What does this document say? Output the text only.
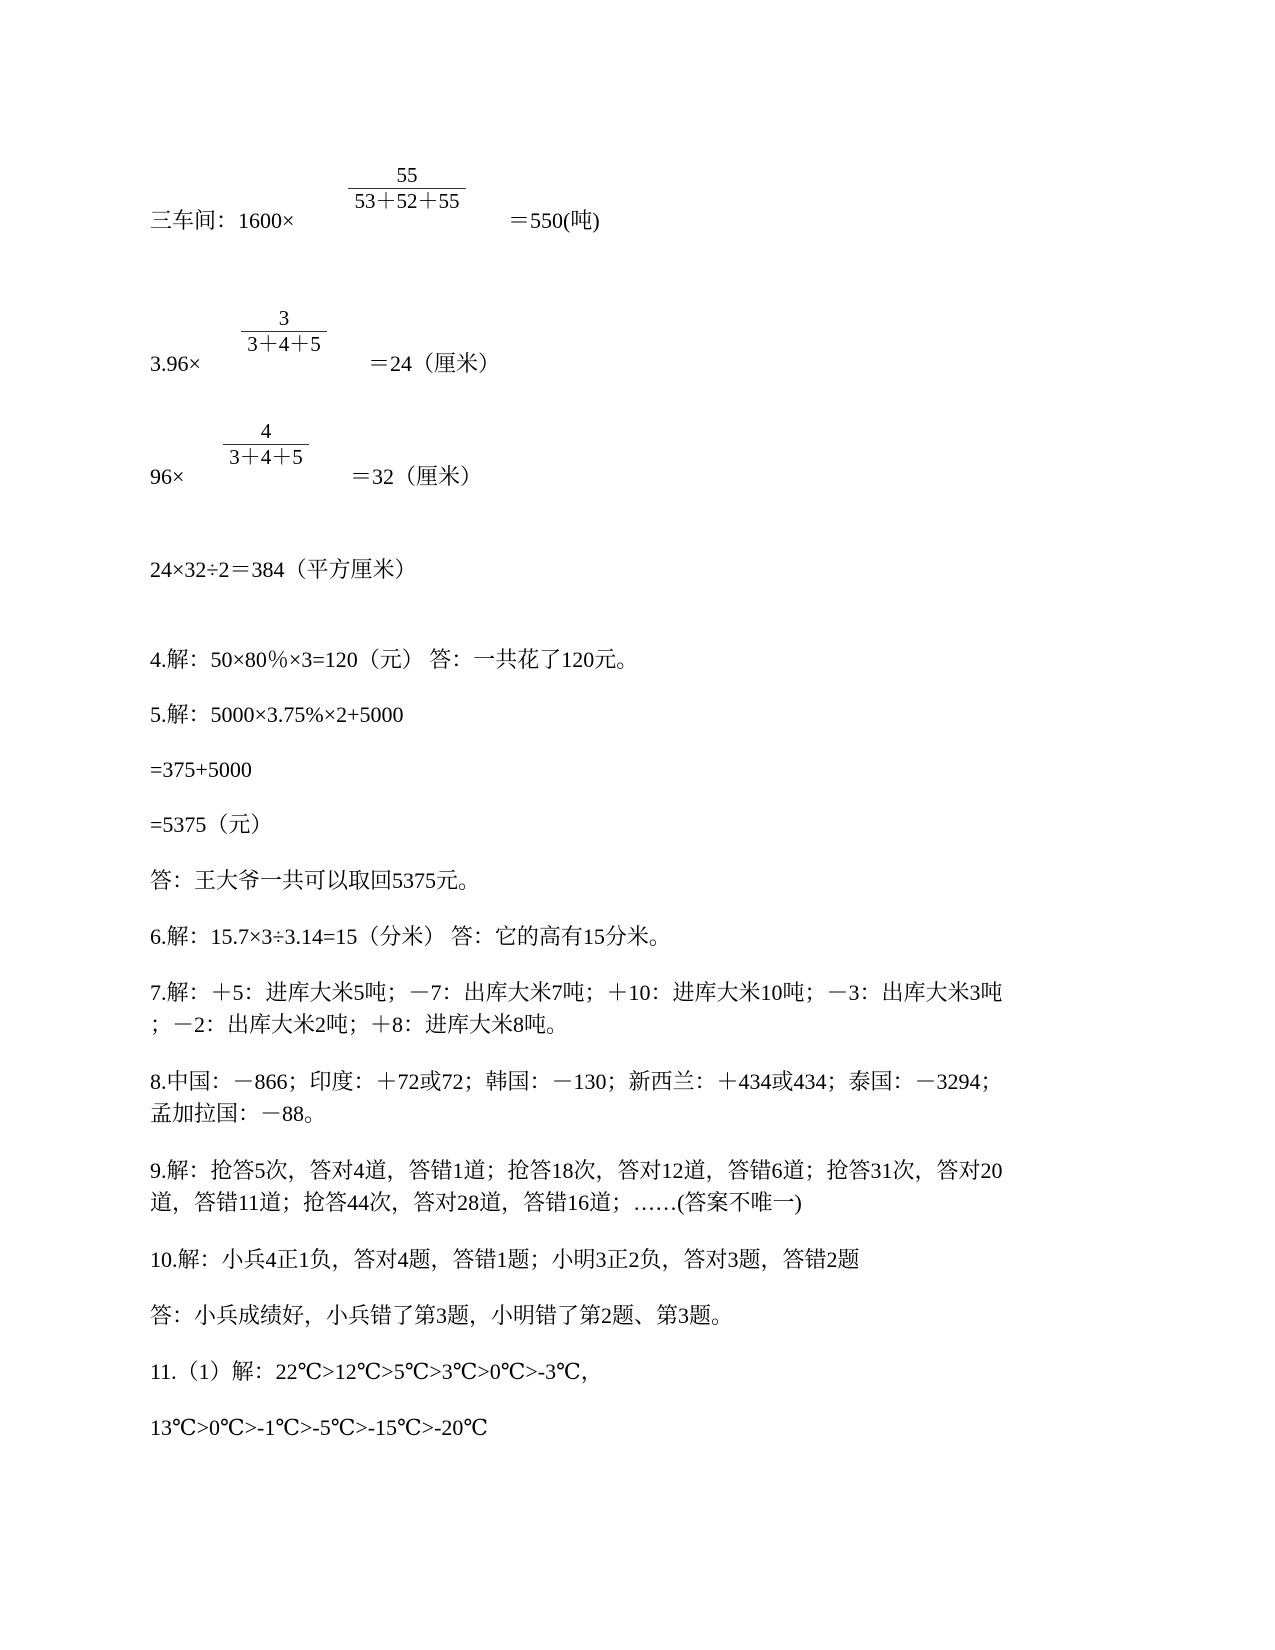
三车间：1600×
55
53＋52＋55
＝550(吨)
3.96×
3
3＋4＋5
＝24（厘米）
96×
4
3＋4＋5
＝32（厘米）
24×32÷2＝384（平方厘米）
4.解：50×80％×3=120（元） 答：一共花了120元。
5.解：5000×3.75%×2+5000
=375+5000
=5375（元）
答：王大爷一共可以取回5375元。
6.解：15.7×3÷3.14=15（分米） 答：它的高有15分米。
7.解：＋5：进库大米5吨；－7：出库大米7吨；＋10：进库大米10吨；－3：出库大米3吨
；－2：出库大米2吨；＋8：进库大米8吨。
8.中国：－866；印度：＋72或72；韩国：－130；新西兰：＋434或434；泰国：－3294；
孟加拉国：－88。
9.解：抢答5次，答对4道，答错1道；抢答18次，答对12道，答错6道；抢答31次，答对20
道，答错11道；抢答44次，答对28道，答错16道；……(答案不唯一)
10.解：小兵4正1负，答对4题，答错1题；小明3正2负，答对3题，答错2题
答：小兵成绩好，小兵错了第3题，小明错了第2题、第3题。
11.（1）解：22℃>12℃>5℃>3℃>0℃>-3℃，
13℃>0℃>-1℃>-5℃>-15℃>-20℃
